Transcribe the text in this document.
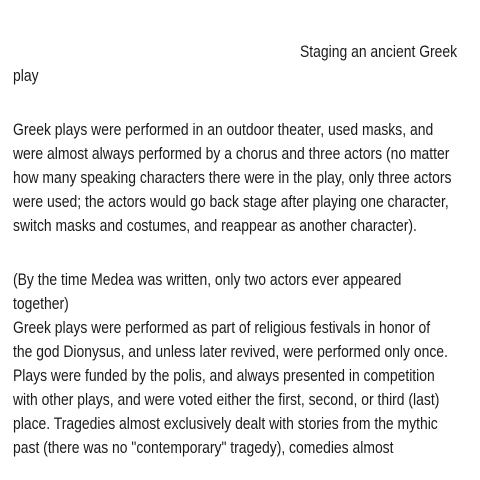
Staging an ancient Greek
play
Greek plays were performed in an outdoor theater, used masks, and
were almost always performed by a chorus and three actors (no matter
how many speaking characters there were in the play, only three actors
were used; the actors would go back stage after playing one character,
switch masks and costumes, and reappear as another character).
(By the time Medea was written, only two actors ever appeared
together)
Greek plays were performed as part of religious festivals in honor of
the god Dionysus, and unless later revived, were performed only once.
Plays were funded by the polis, and always presented in competition
with other plays, and were voted either the first, second, or third (last)
place. Tragedies almost exclusively dealt with stories from the mythic
past (there was no "contemporary" tragedy), comedies almost
